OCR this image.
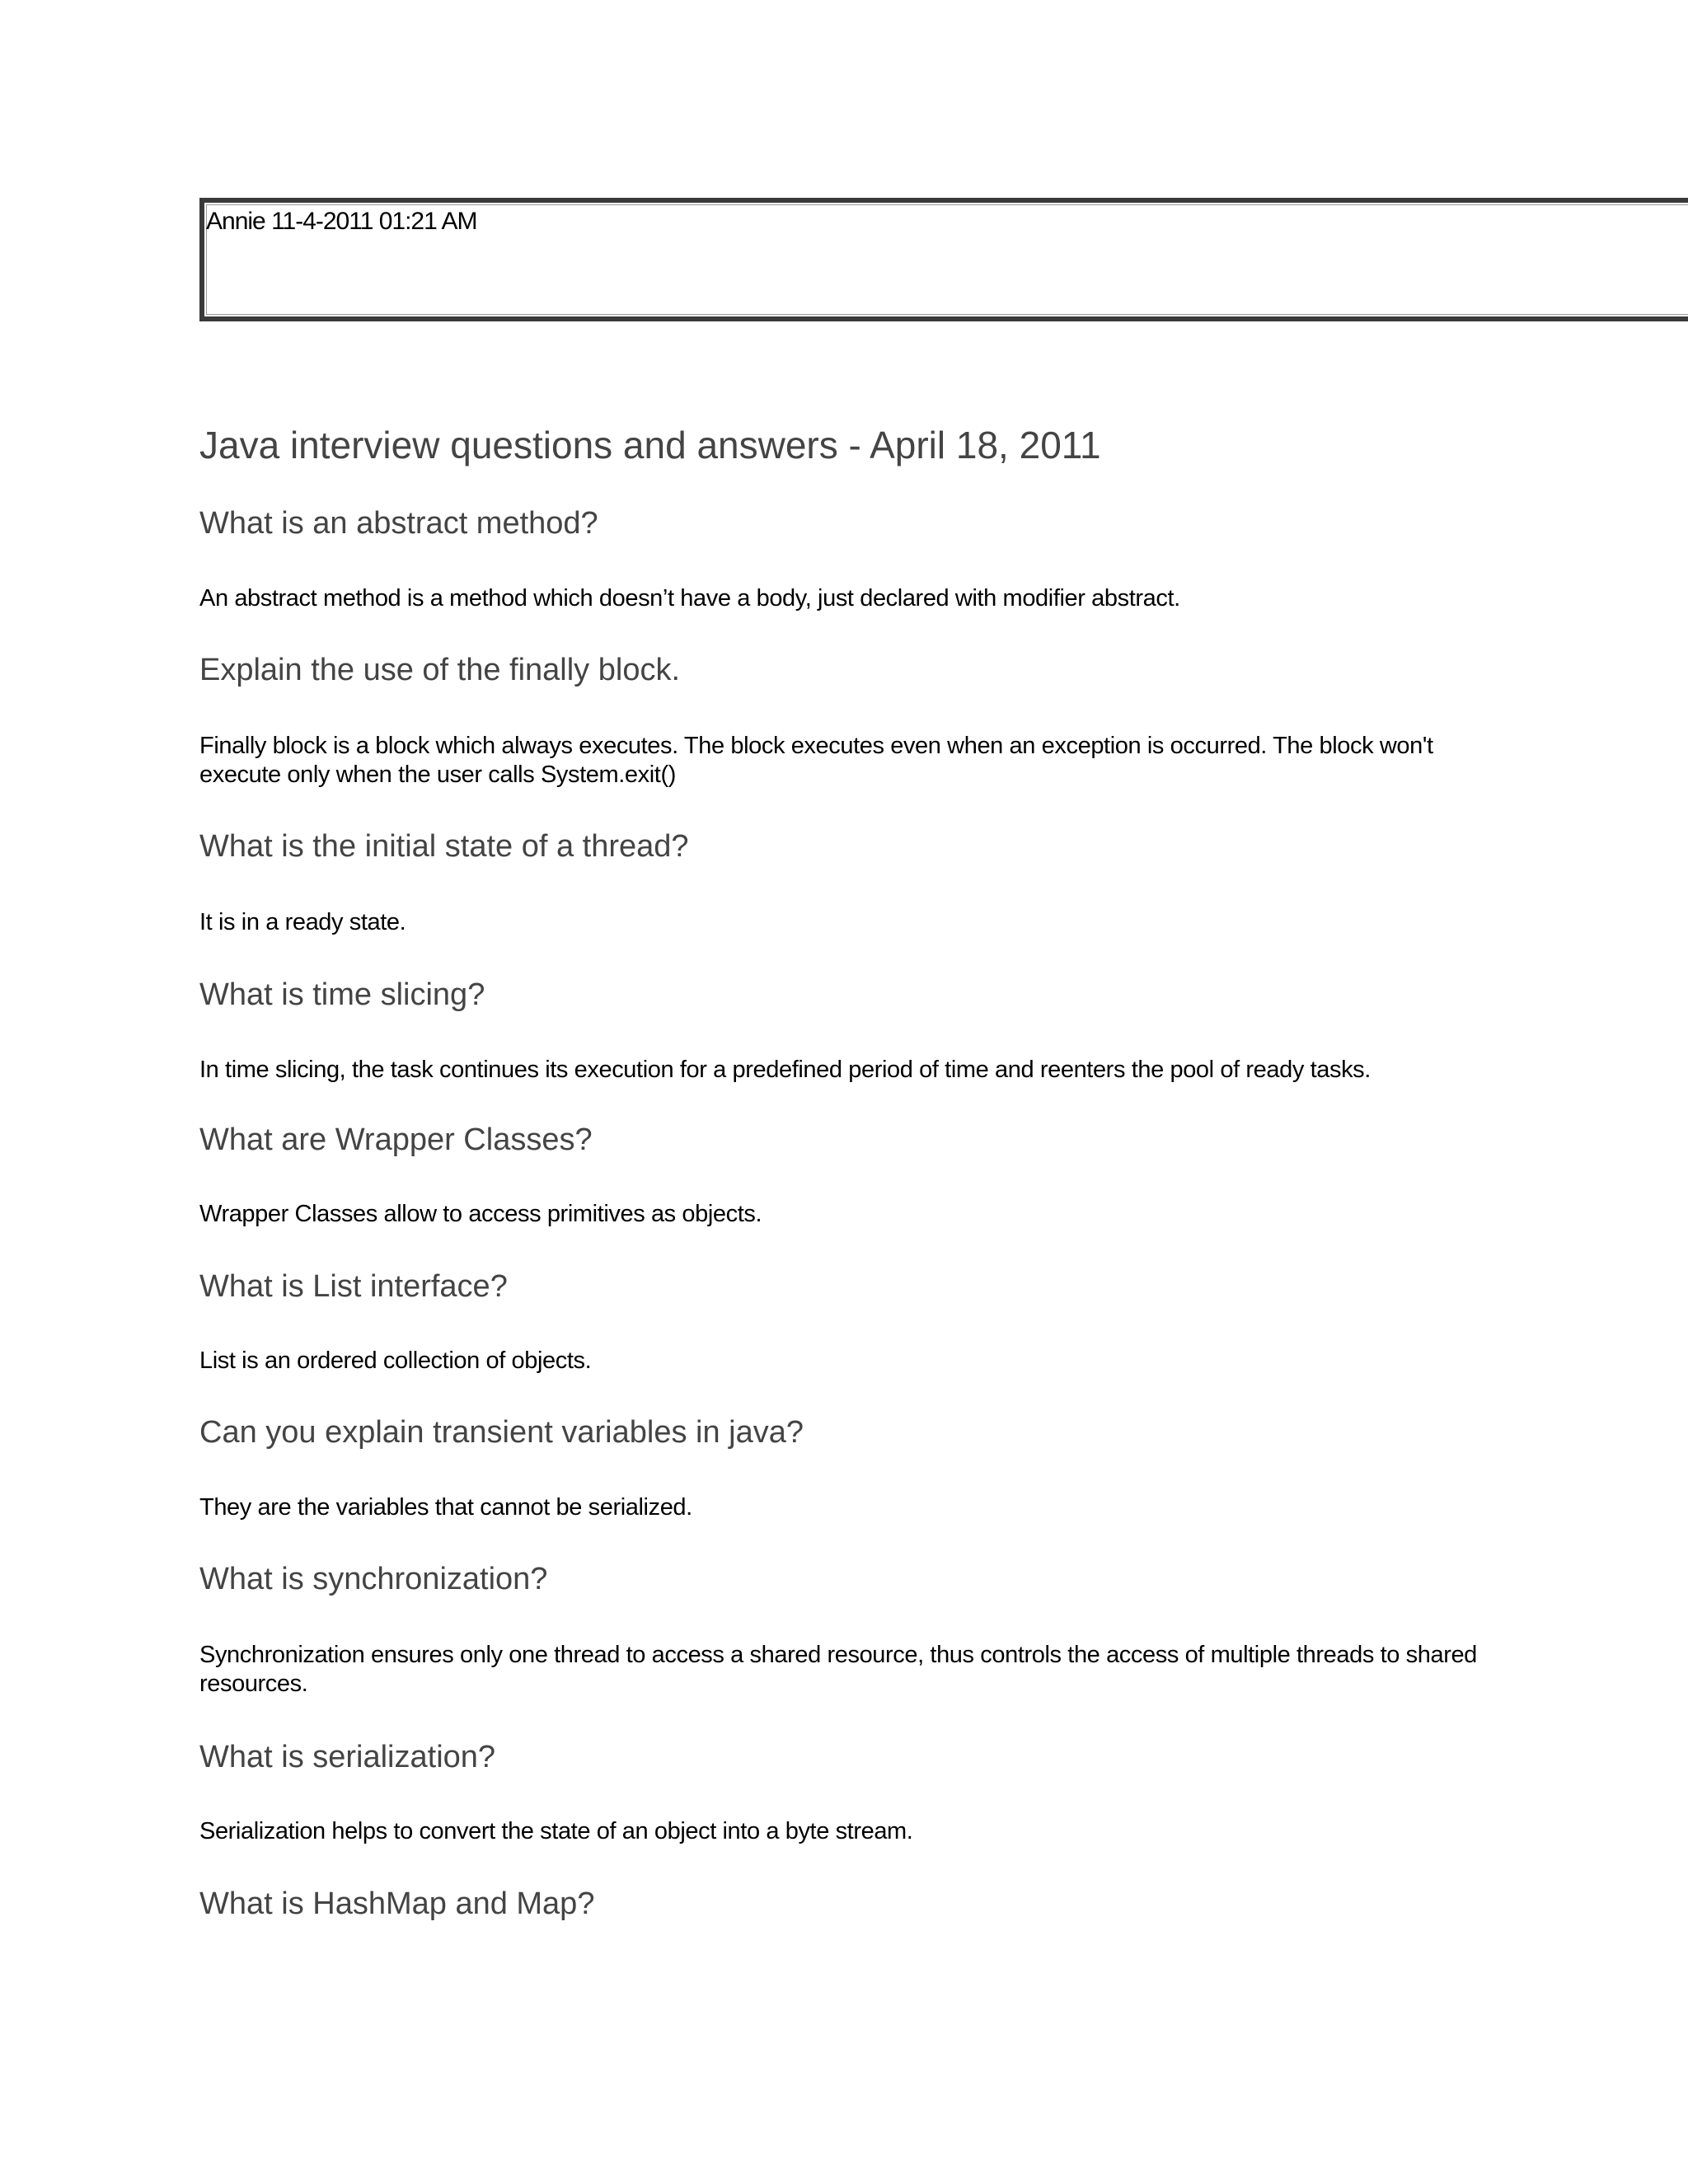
Annie 11-4-2011 01:21 AM
Java interview questions and answers - April 18, 2011
What is an abstract method?

An abstract method is a method which doesn’t have a body, just declared with modifier abstract.

Explain the use of the finally block.

Finally block is a block which always executes. The block executes even when an exception is occurred. The block won't execute only when the user calls System.exit()

What is the initial state of a thread?

It is in a ready state.

What is time slicing?

In time slicing, the task continues its execution for a predefined period of time and reenters the pool of ready tasks.

What are Wrapper Classes?

Wrapper Classes allow to access primitives as objects.

What is List interface?

List is an ordered collection of objects.

Can you explain transient variables in java?

They are the variables that cannot be serialized.

What is synchronization?

Synchronization ensures only one thread to access a shared resource, thus controls the access of multiple threads to shared resources.

What is serialization?

Serialization helps to convert the state of an object into a byte stream.

What is HashMap and Map?
